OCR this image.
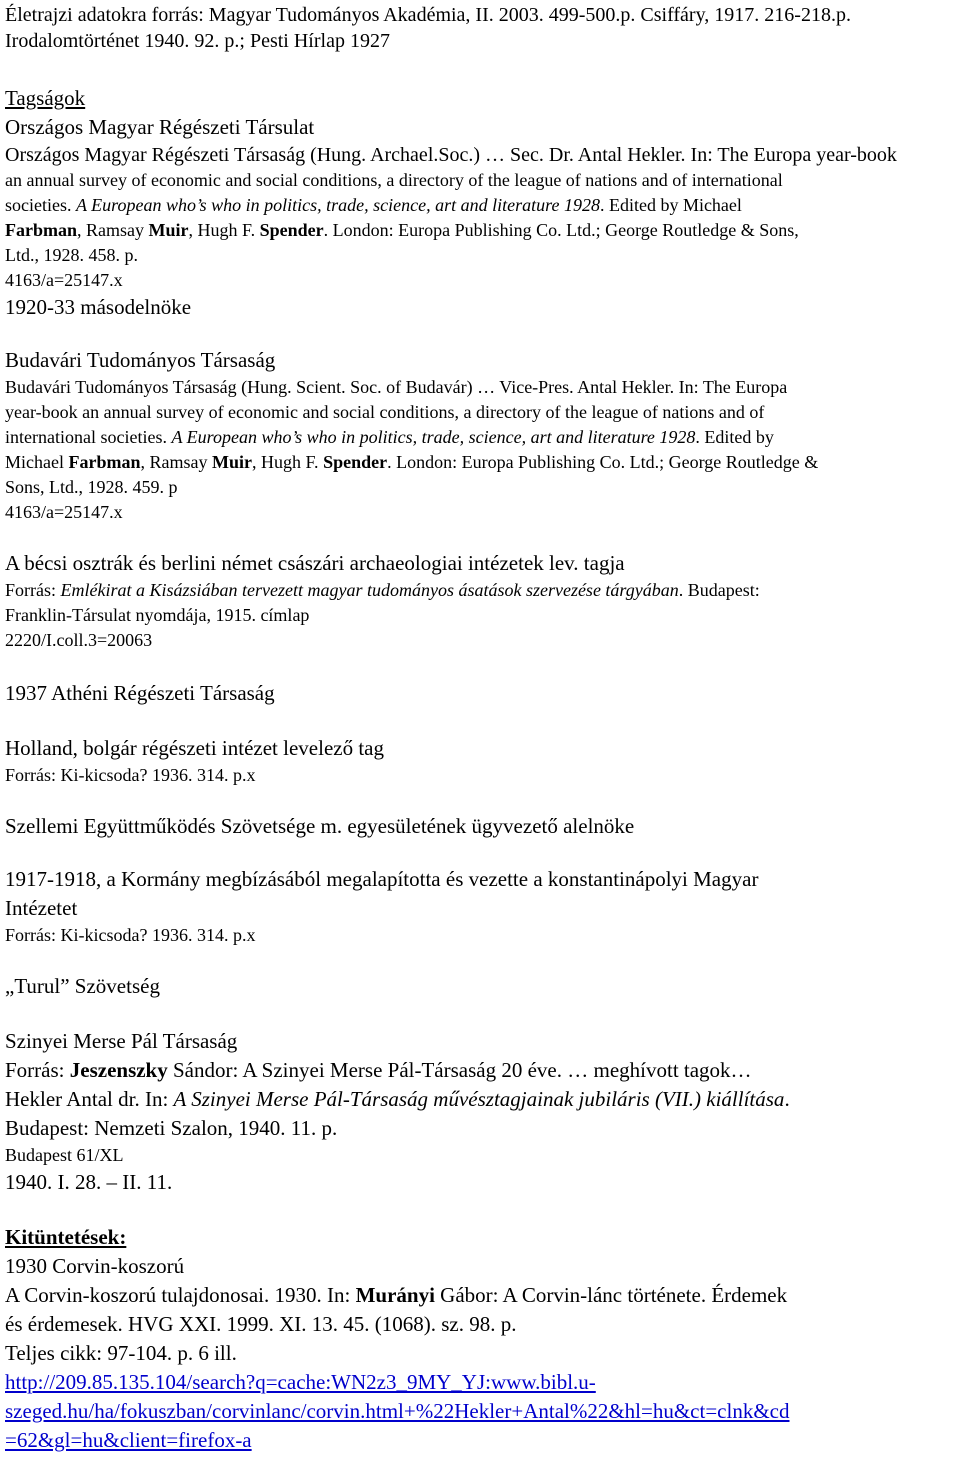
Életrajzi adatokra forrás: Magyar Tudományos Akadémia, II. 2003. 499-500.p. Csiffáry, 1917. 216-218.p.

Irodalomtörténet 1940. 92. p.; Pesti Hírlap 1927

Tagságok

Országos Magyar Régészeti Társulat

Országos Magyar Régészeti Társaság (Hung. Archael.Soc.) … Sec. Dr. Antal Hekler. In: The Europa year-book

an annual survey of economic and social conditions, a directory of the league of nations and of international

societies. A European who’s who in politics, trade, science, art and literature 1928. Edited by Michael

Farbman, Ramsay Muir, Hugh F. Spender. London: Europa Publishing Co. Ltd.; George Routledge & Sons,

Ltd., 1928. 458. p.

4163/a=25147.x

1920-33 másodelnöke

Budavári Tudományos Társaság

Budavári Tudományos Társaság (Hung. Scient. Soc. of Budavár) … Vice-Pres. Antal Hekler. In: The Europa

year-book an annual survey of economic and social conditions, a directory of the league of nations and of

international societies. A European who’s who in politics, trade, science, art and literature 1928. Edited by

Michael Farbman, Ramsay Muir, Hugh F. Spender. London: Europa Publishing Co. Ltd.; George Routledge &

Sons, Ltd., 1928. 459. p

4163/a=25147.x

A bécsi osztrák és berlini német császári archaeologiai intézetek lev. tagja

Forrás: Emlékirat a Kisázsiában tervezett magyar tudományos ásatások szervezése tárgyában. Budapest:

Franklin-Társulat nyomdája, 1915. címlap

2220/I.coll.3=20063

1937 Athéni Régészeti Társaság

Holland, bolgár régészeti intézet levelező tag

Forrás: Ki-kicsoda? 1936. 314. p.x

Szellemi Együttműködés Szövetsége m. egyesületének ügyvezető alelnöke

1917-1918, a Kormány megbízásából megalapította és vezette a konstantinápolyi Magyar

Intézetet

Forrás: Ki-kicsoda? 1936. 314. p.x

„Turul” Szövetség

Szinyei Merse Pál Társaság

Forrás: Jeszenszky Sándor: A Szinyei Merse Pál-Társaság 20 éve. … meghívott tagok…

Hekler Antal dr. In: A Szinyei Merse Pál-Társaság művésztagjainak jubiláris (VII.) kiállítása.

Budapest: Nemzeti Szalon, 1940. 11. p.

Budapest 61/XL

1940. I. 28. – II. 11.

Kitüntetések:

1930 Corvin-koszorú

A Corvin-koszorú tulajdonosai. 1930. In: Murányi Gábor: A Corvin-lánc története. Érdemek

és érdemesek. HVG XXI. 1999. XI. 13. 45. (1068). sz. 98. p.

Teljes cikk: 97-104. p. 6 ill.

http://209.85.135.104/search?q=cache:WN2z3_9MY_YJ:www.bibl.u-

szeged.hu/ha/fokuszban/corvinlanc/corvin.html+%22Hekler+Antal%22&hl=hu&ct=clnk&cd

=62&gl=hu&client=firefox-a
